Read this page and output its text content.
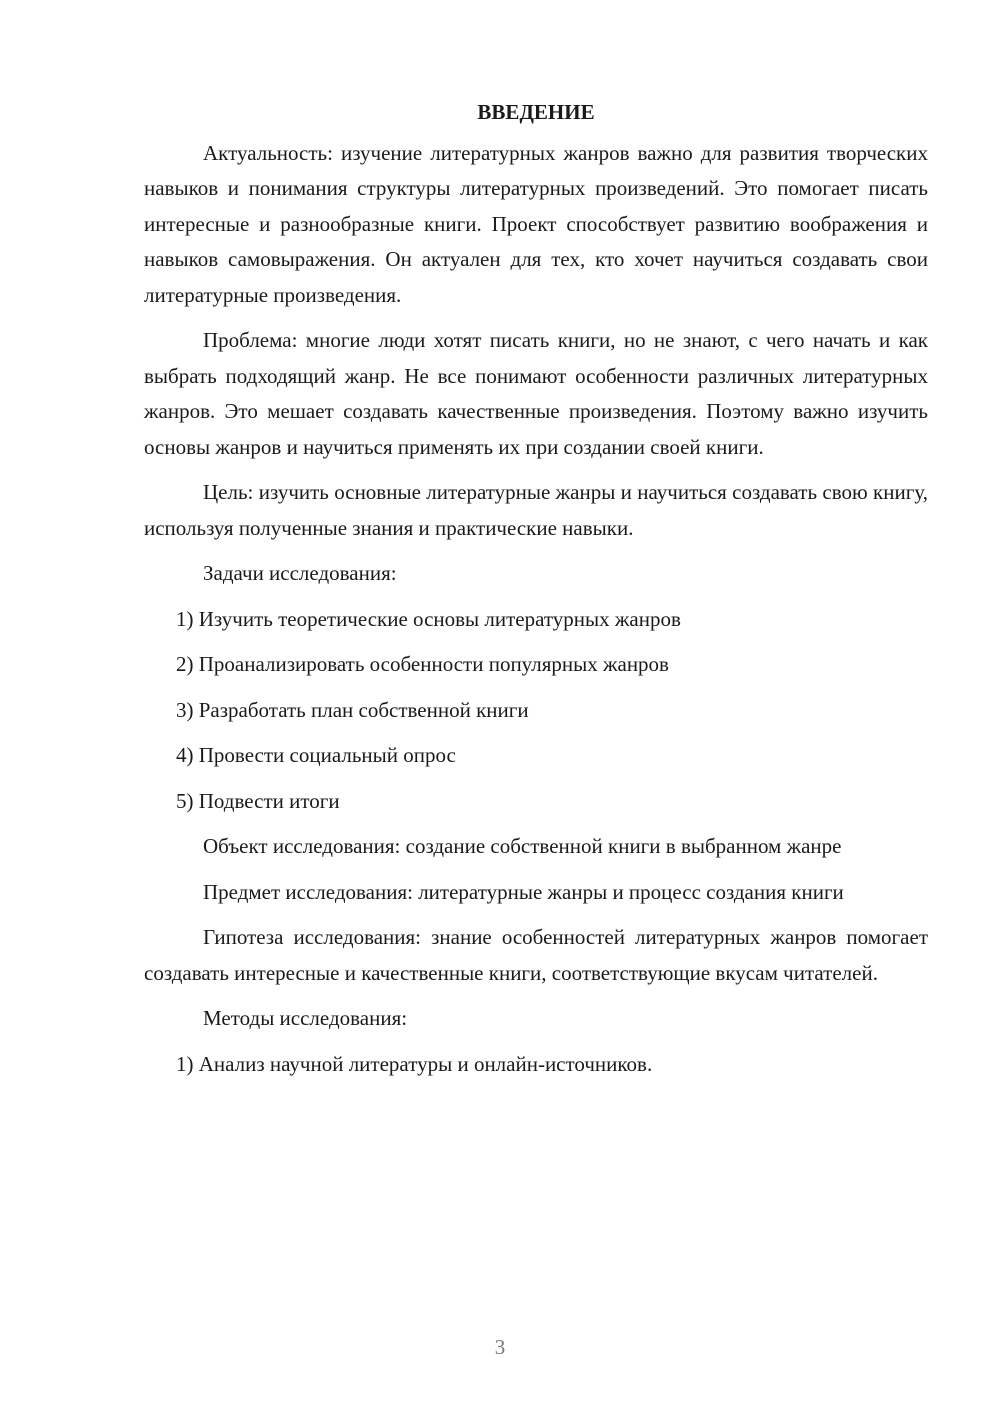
ВВЕДЕНИЕ

Актуальность: изучение литературных жанров важно для развития творческих навыков и понимания структуры литературных произведений. Это помогает писать интересные и разнообразные книги. Проект способствует развитию воображения и навыков самовыражения. Он актуален для тех, кто хочет научиться создавать свои литературные произведения.

Проблема: многие люди хотят писать книги, но не знают, с чего начать и как выбрать подходящий жанр. Не все понимают особенности различных литературных жанров. Это мешает создавать качественные произведения. Поэтому важно изучить основы жанров и научиться применять их при создании своей книги.

Цель: изучить основные литературные жанры и научиться создавать свою книгу, используя полученные знания и практические навыки.

Задачи исследования:

1) Изучить теоретические основы литературных жанров

2) Проанализировать особенности популярных жанров

3) Разработать план собственной книги

4) Провести социальный опрос

5) Подвести итоги

Объект исследования: создание собственной книги в выбранном жанре

Предмет исследования: литературные жанры и процесс создания книги

Гипотеза исследования: знание особенностей литературных жанров помогает создавать интересные и качественные книги, соответствующие вкусам читателей.

Методы исследования:

1) Анализ научной литературы и онлайн-источников.

3
